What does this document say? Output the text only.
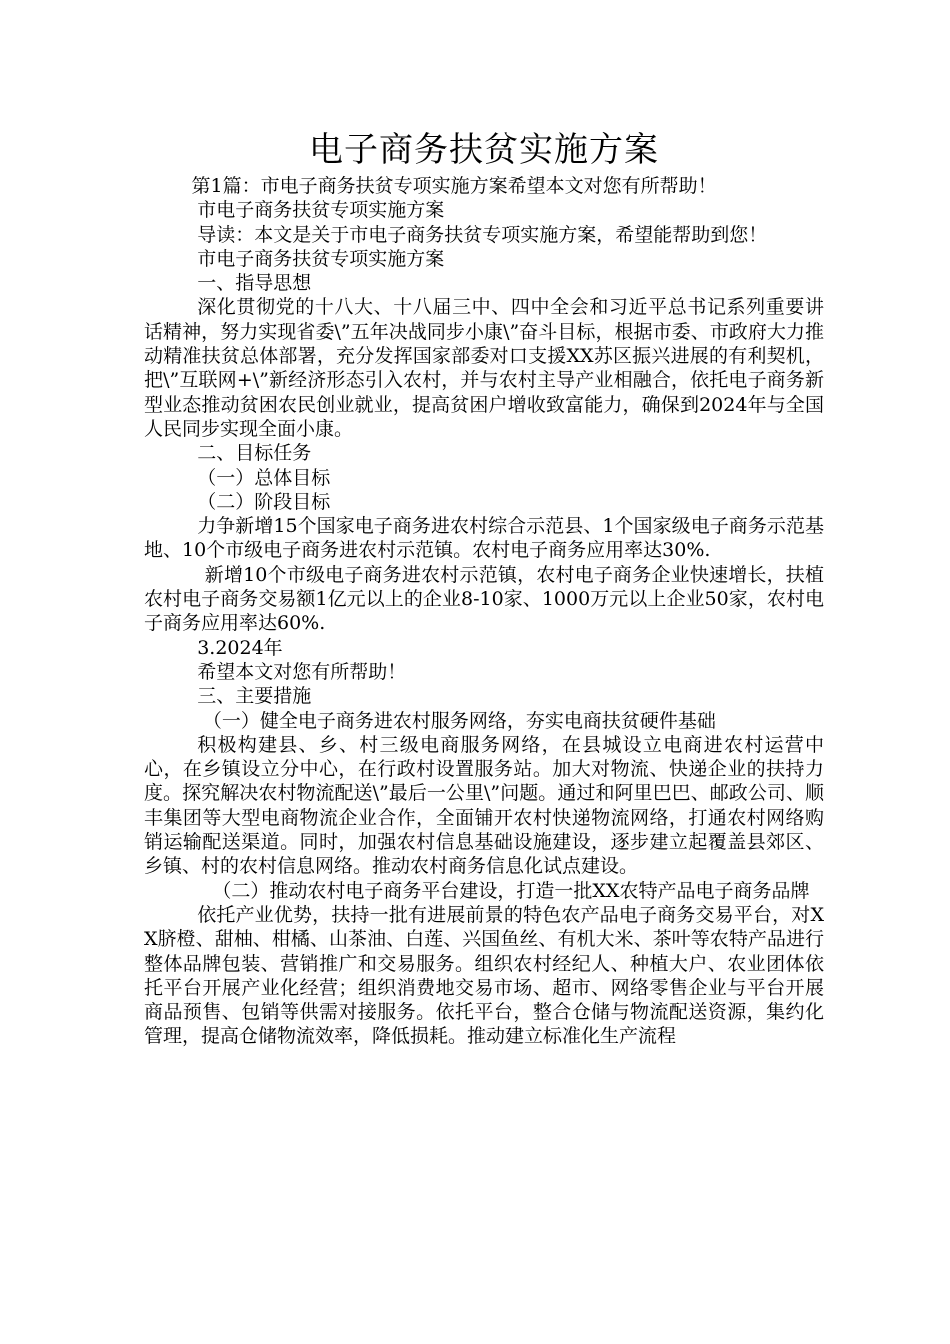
电子商务扶贫实施方案

第1篇：市电子商务扶贫专项实施方案希望本文对您有所帮助！

市电子商务扶贫专项实施方案

导读：本文是关于市电子商务扶贫专项实施方案，希望能帮助到您！

市电子商务扶贫专项实施方案

一、指导思想

深化贯彻党的十八大、十八届三中、四中全会和习近平总书记系列重要讲话精神，努力实现省委\”五年决战同步小康\”奋斗目标，根据市委、市政府大力推动精准扶贫总体部署，充分发挥国家部委对口支援XX苏区振兴进展的有利契机，把\”互联网+\”新经济形态引入农村，并与农村主导产业相融合，依托电子商务新型业态推动贫困农民创业就业，提高贫困户增收致富能力，确保到2024年与全国人民同步实现全面小康。

二、目标任务

（一）总体目标

（二）阶段目标

力争新增15个国家电子商务进农村综合示范县、1个国家级电子商务示范基地、10个市级电子商务进农村示范镇。农村电子商务应用率达30%.

新增10个市级电子商务进农村示范镇，农村电子商务企业快速增长，扶植农村电子商务交易额1亿元以上的企业8-10家、1000万元以上企业50家，农村电子商务应用率达60%.

3.2024年

希望本文对您有所帮助！

三、主要措施

（一）健全电子商务进农村服务网络，夯实电商扶贫硬件基础

积极构建县、乡、村三级电商服务网络，在县城设立电商进农村运营中心，在乡镇设立分中心，在行政村设置服务站。加大对物流、快递企业的扶持力度。探究解决农村物流配送\”最后一公里\”问题。通过和阿里巴巴、邮政公司、顺丰集团等大型电商物流企业合作，全面铺开农村快递物流网络，打通农村网络购销运输配送渠道。同时，加强农村信息基础设施建设，逐步建立起覆盖县郊区、乡镇、村的农村信息网络。推动农村商务信息化试点建设。

（二）推动农村电子商务平台建设，打造一批XX农特产品电子商务品牌

依托产业优势，扶持一批有进展前景的特色农产品电子商务交易平台，对XX脐橙、甜柚、柑橘、山茶油、白莲、兴国鱼丝、有机大米、茶叶等农特产品进行整体品牌包装、营销推广和交易服务。组织农村经纪人、种植大户、农业团体依托平台开展产业化经营；组织消费地交易市场、超市、网络零售企业与平台开展商品预售、包销等供需对接服务。依托平台，整合仓储与物流配送资源，集约化管理，提高仓储物流效率，降低损耗。推动建立标准化生产流程
